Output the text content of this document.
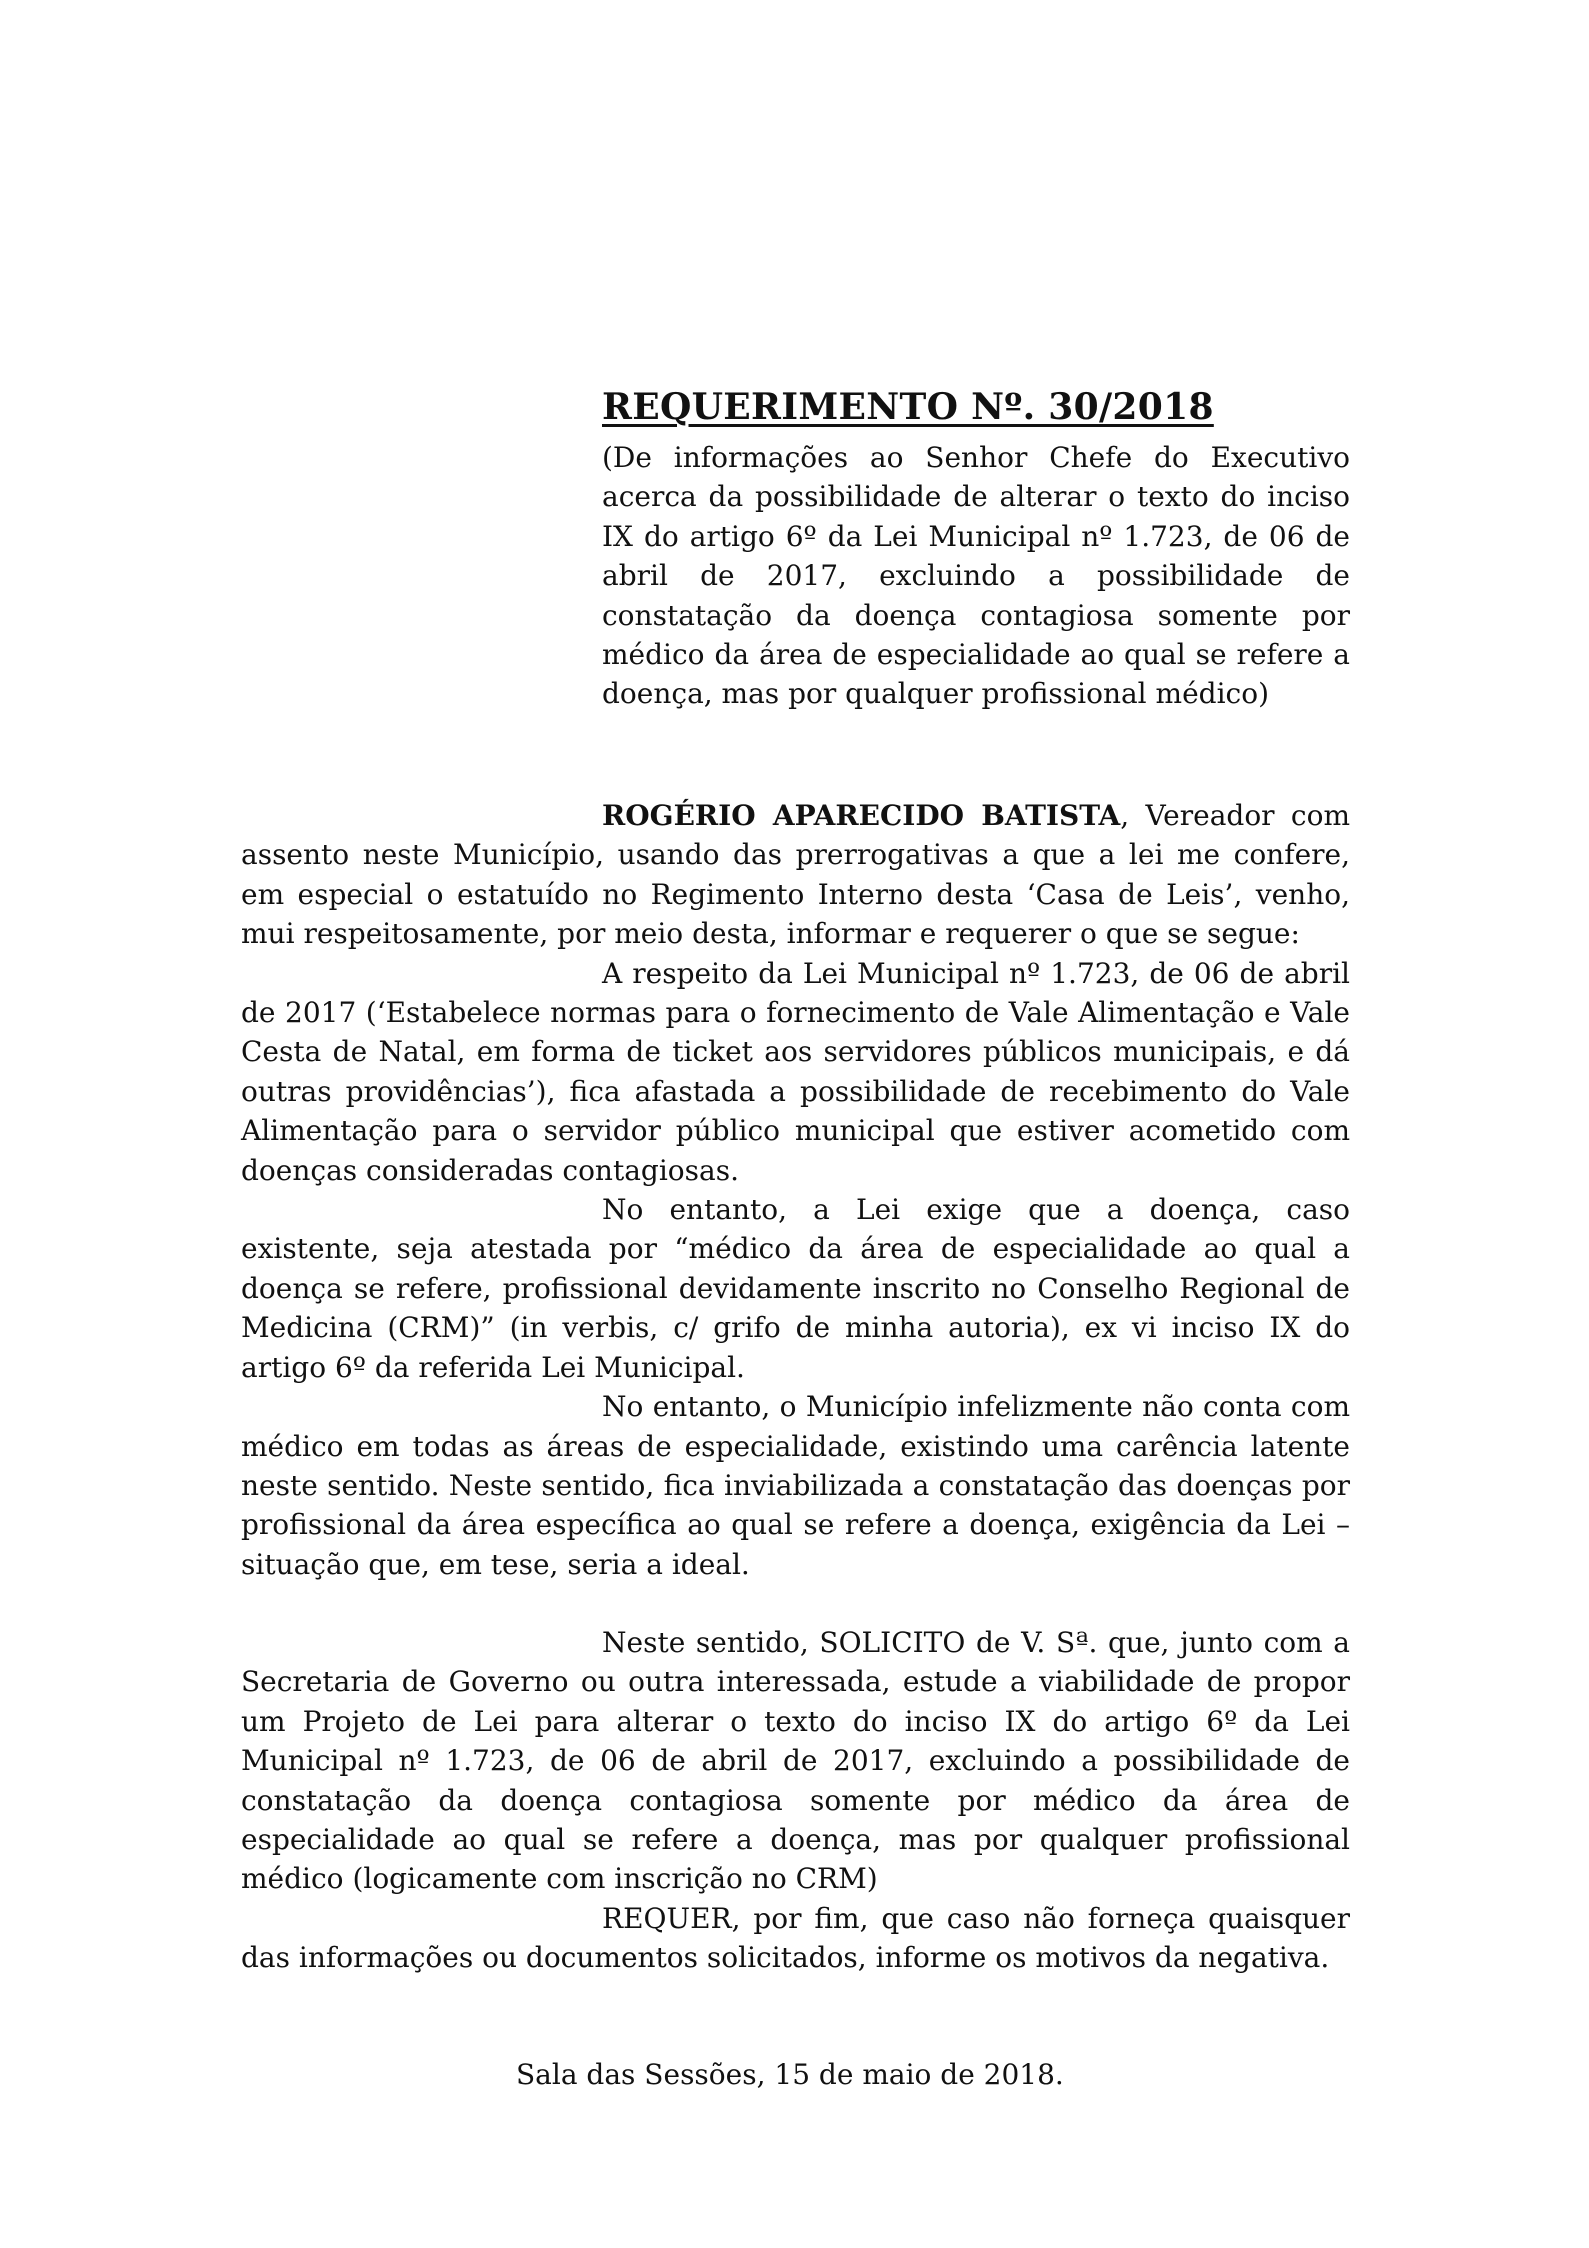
REQUERIMENTO Nº. 30/2018

(De informações ao Senhor Chefe do Executivo acerca da possibilidade de alterar o texto do inciso IX do artigo 6º da Lei Municipal nº 1.723, de 06 de abril de 2017, excluindo a possibilidade de constatação da doença contagiosa somente por médico da área de especialidade ao qual se refere a doença, mas por qualquer profissional médico)

ROGÉRIO APARECIDO BATISTA, Vereador com assento neste Município, usando das prerrogativas a que a lei me confere, em especial o estatuído no Regimento Interno desta ‘Casa de Leis’, venho, mui respeitosamente, por meio desta, informar e requerer o que se segue:

A respeito da Lei Municipal nº 1.723, de 06 de abril de 2017 (‘Estabelece normas para o fornecimento de Vale Alimentação e Vale Cesta de Natal, em forma de ticket aos servidores públicos municipais, e dá outras providências’), fica afastada a possibilidade de recebimento do Vale Alimentação para o servidor público municipal que estiver acometido com doenças consideradas contagiosas.

No entanto, a Lei exige que a doença, caso existente, seja atestada por “médico da área de especialidade ao qual a doença se refere, profissional devidamente inscrito no Conselho Regional de Medicina (CRM)” (in verbis, c/ grifo de minha autoria), ex vi inciso IX do artigo 6º da referida Lei Municipal.

No entanto, o Município infelizmente não conta com médico em todas as áreas de especialidade, existindo uma carência latente neste sentido. Neste sentido, fica inviabilizada a constatação das doenças por profissional da área específica ao qual se refere a doença, exigência da Lei – situação que, em tese, seria a ideal.

Neste sentido, SOLICITO de V. Sª. que, junto com a Secretaria de Governo ou outra interessada, estude a viabilidade de propor um Projeto de Lei para alterar o texto do inciso IX do artigo 6º da Lei Municipal nº 1.723, de 06 de abril de 2017, excluindo a possibilidade de constatação da doença contagiosa somente por médico da área de especialidade ao qual se refere a doença, mas por qualquer profissional médico (logicamente com inscrição no CRM)

REQUER, por fim, que caso não forneça quaisquer das informações ou documentos solicitados, informe os motivos da negativa.

Sala das Sessões, 15 de maio de 2018.
